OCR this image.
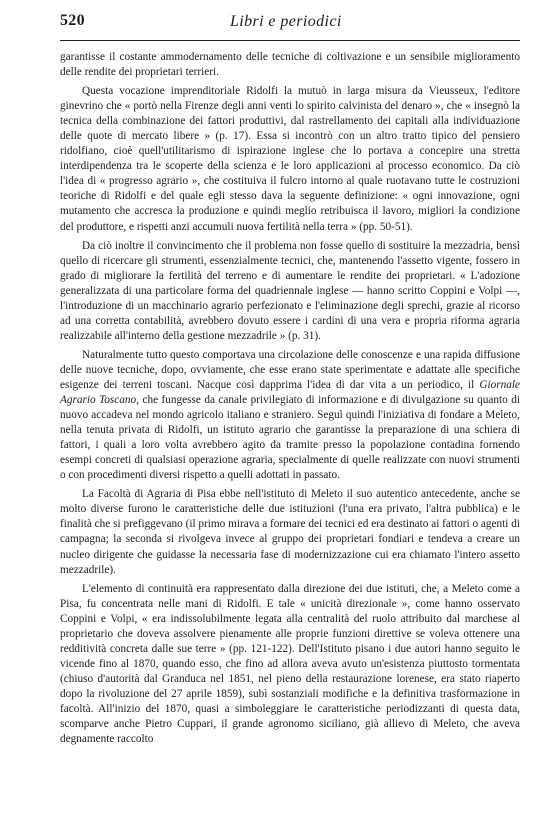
520	Libri e periodici

garantisse il costante ammodernamento delle tecniche di coltivazione e un sensibile miglioramento delle rendite dei proprietari terrieri.

Questa vocazione imprenditoriale Ridolfi la mutuò in larga misura da Vieusseux, l'editore ginevrino che « portò nella Firenze degli anni venti lo spirito calvinista del denaro », che « insegnò la tecnica della combinazione dei fattori produttivi, dal rastrellamento dei capitali alla individuazione delle quote di mercato libere » (p. 17). Essa si incontrò con un altro tratto tipico del pensiero ridolfiano, cioè quell'utilitarismo di ispirazione inglese che lo portava a concepire una stretta interdipendenza tra le scoperte della scienza e le loro applicazioni al processo economico. Da ciò l'idea di « progresso agrario », che costituiva il fulcro intorno al quale ruotavano tutte le costruzioni teoriche di Ridolfi e del quale egli stesso dava la seguente definizione: « ogni innovazione, ogni mutamento che accresca la produzione e quindi meglio retribuisca il lavoro, migliori la condizione del produttore, e rispetti anzi accumuli nuova fertilità nella terra » (pp. 50-51).

Da ciò inoltre il convincimento che il problema non fosse quello di sostituire la mezzadria, bensì quello di ricercare gli strumenti, essenzialmente tecnici, che, mantenendo l'assetto vigente, fossero in grado di migliorare la fertilità del terreno e di aumentare le rendite dei proprietari. « L'adozione generalizzata di una particolare forma del quadriennale inglese — hanno scritto Coppini e Volpi —, l'introduzione di un macchinario agrario perfezionato e l'eliminazione degli sprechi, grazie al ricorso ad una corretta contabilità, avrebbero dovuto essere i cardini di una vera e propria riforma agraria realizzabile all'interno della gestione mezzadrile » (p. 31).

Naturalmente tutto questo comportava una circolazione delle conoscenze e una rapida diffusione delle nuove tecniche, dopo, ovviamente, che esse erano state sperimentate e adattate alle specifiche esigenze dei terreni toscani. Nacque così dapprima l'idea di dar vita a un periodico, il Giornale Agrario Toscano, che fungesse da canale privilegiato di informazione e di divulgazione su quanto di nuovo accadeva nel mondo agricolo italiano e straniero. Seguì quindi l'iniziativa di fondare a Meleto, nella tenuta privata di Ridolfi, un istituto agrario che garantisse la preparazione di una schiera di fattori, i quali a loro volta avrebbero agito da tramite presso la popolazione contadina fornendo esempi concreti di qualsiasi operazione agraria, specialmente di quelle realizzate con nuovi strumenti o con procedimenti diversi rispetto a quelli adottati in passato.

La Facoltà di Agraria di Pisa ebbe nell'istituto di Meleto il suo autentico antecedente, anche se molto diverse furono le caratteristiche delle due istituzioni (l'una era privato, l'altra pubblica) e le finalità che si prefiggevano (il primo mirava a formare dei tecnici ed era destinato ai fattori o agenti di campagna; la seconda si rivolgeva invece al gruppo dei proprietari fondiari e tendeva a creare un nucleo dirigente che guidasse la necessaria fase di modernizzazione cui era chiamato l'intero assetto mezzadrile).

L'elemento di continuità era rappresentato dalla direzione dei due istituti, che, a Meleto come a Pisa, fu concentrata nelle mani di Ridolfi. E tale « unicità direzionale », come hanno osservato Coppini e Volpi, « era indissolubilmente legata alla centralità del ruolo attribuito dal marchese al proprietario che doveva assolvere pienamente alle proprie funzioni direttive se voleva ottenere una redditività concreta dalle sue terre » (pp. 121-122). Dell'Istituto pisano i due autori hanno seguito le vicende fino al 1870, quando esso, che fino ad allora aveva avuto un'esistenza piuttosto tormentata (chiuso d'autorità dal Granduca nel 1851, nel pieno della restaurazione lorenese, era stato riaperto dopo la rivoluzione del 27 aprile 1859), subì sostanziali modifiche e la definitiva trasformazione in facoltà. All'inizio del 1870, quasi a simboleggiare le caratteristiche periodizzanti di questa data, scomparve anche Pietro Cuppari, il grande agronomo siciliano, già allievo di Meleto, che aveva degnamente raccolto
